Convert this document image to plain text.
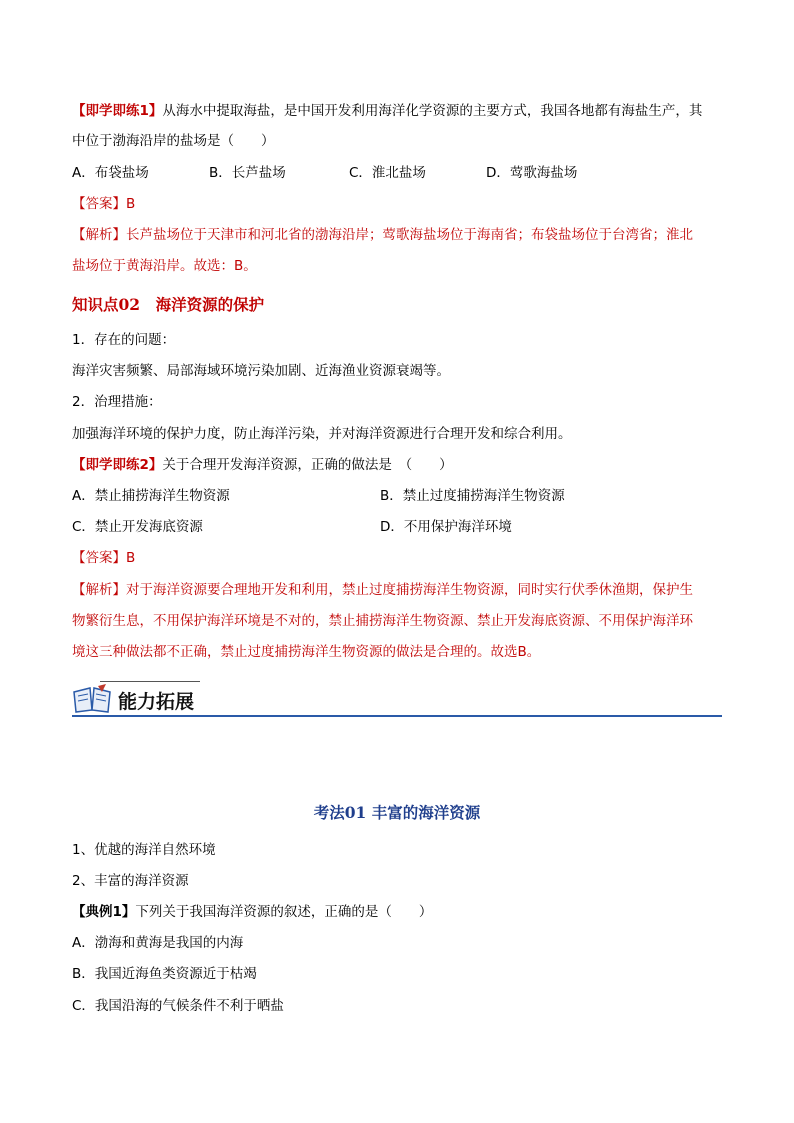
【即学即练1】从海水中提取海盐，是中国开发利用海洋化学资源的主要方式，我国各地都有海盐生产，其
中位于渤海沿岸的盐场是（　　）
A．布袋盐场	B．长芦盐场	C．淮北盐场	D．莺歌海盐场
【答案】B
【解析】长芦盐场位于天津市和河北省的渤海沿岸；莺歌海盐场位于海南省；布袋盐场位于台湾省；淮北
盐场位于黄海沿岸。故选：B。
知识点02　海洋资源的保护
1．存在的问题：
海洋灾害频繁、局部海域环境污染加剧、近海渔业资源衰竭等。
2．治理措施：
加强海洋环境的保护力度，防止海洋污染，并对海洋资源进行合理开发和综合利用。
【即学即练2】关于合理开发海洋资源，正确的做法是　（　　）
A．禁止捕捞海洋生物资源	B．禁止过度捕捞海洋生物资源
C．禁止开发海底资源	D．不用保护海洋环境
【答案】B
【解析】对于海洋资源要合理地开发和利用，禁止过度捕捞海洋生物资源，同时实行伏季休渔期，保护生
物繁衍生息，不用保护海洋环境是不对的，禁止捕捞海洋生物资源、禁止开发海底资源、不用保护海洋环
境这三种做法都不正确，禁止过度捕捞海洋生物资源的做法是合理的。故选B。
能力拓展
考法01 丰富的海洋资源
1、优越的海洋自然环境
2、丰富的海洋资源
【典例1】下列关于我国海洋资源的叙述，正确的是（　　）
A．渤海和黄海是我国的内海
B．我国近海鱼类资源近于枯竭
C．我国沿海的气候条件不利于晒盐
